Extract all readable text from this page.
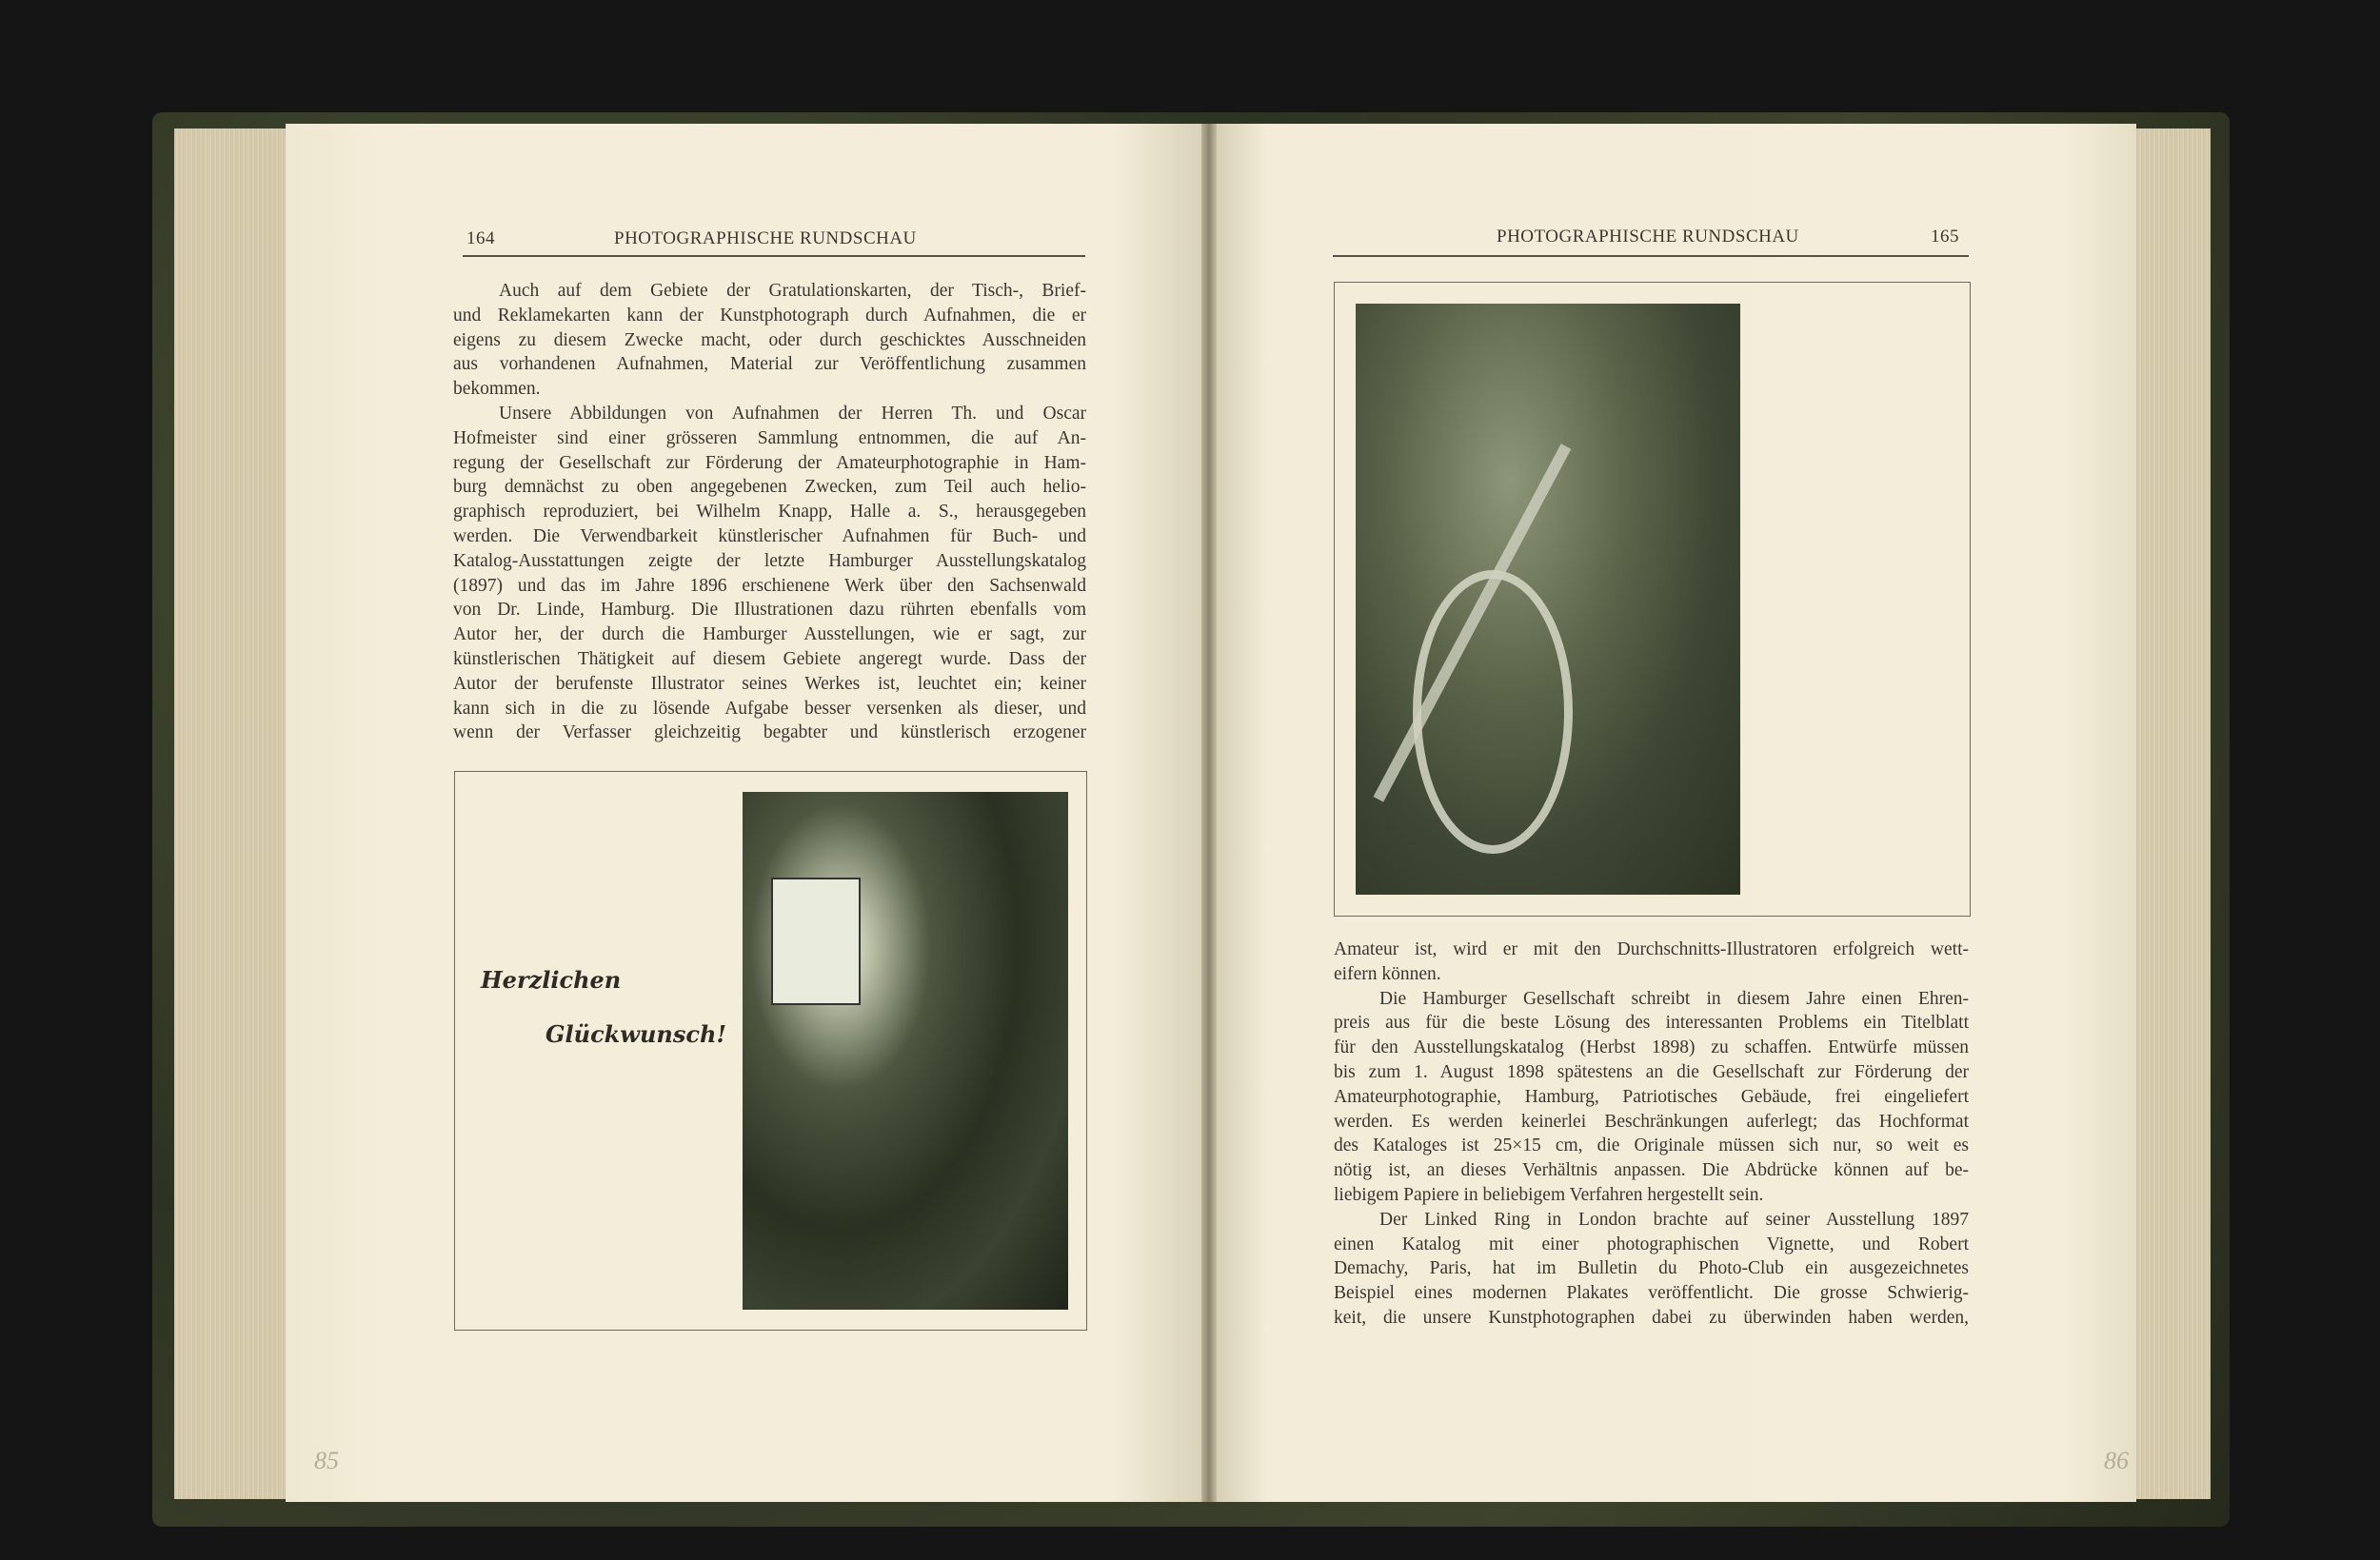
164	PHOTOGRAPHISCHE RUNDSCHAU
Auch auf dem Gebiete der Gratulationskarten, der Tisch-, Brief-
und Reklamekarten kann der Kunstphotograph durch Aufnahmen, die er
eigens zu diesem Zwecke macht, oder durch geschicktes Ausschneiden
aus vorhandenen Aufnahmen, Material zur Veröffentlichung zusammen
bekommen.
Unsere Abbildungen von Aufnahmen der Herren Th. und Oscar
Hofmeister sind einer grösseren Sammlung entnommen, die auf An-
regung der Gesellschaft zur Förderung der Amateurphotographie in Ham-
burg demnächst zu oben angegebenen Zwecken, zum Teil auch helio-
graphisch reproduziert, bei Wilhelm Knapp, Halle a. S., herausgegeben
werden. Die Verwendbarkeit künstlerischer Aufnahmen für Buch- und
Katalog-Ausstattungen zeigte der letzte Hamburger Ausstellungskatalog
(1897) und das im Jahre 1896 erschienene Werk über den Sachsenwald
von Dr. Linde, Hamburg. Die Illustrationen dazu rührten ebenfalls vom
Autor her, der durch die Hamburger Ausstellungen, wie er sagt, zur
künstlerischen Thätigkeit auf diesem Gebiete angeregt wurde. Dass der
Autor der berufenste Illustrator seines Werkes ist, leuchtet ein; keiner
kann sich in die zu lösende Aufgabe besser versenken als dieser, und
wenn der Verfasser gleichzeitig begabter und künstlerisch erzogener
Herzlichen
Glückwunsch!
85
PHOTOGRAPHISCHE RUNDSCHAU	165
Amateur ist, wird er mit den Durchschnitts-Illustratoren erfolgreich wett-
eifern können.
Die Hamburger Gesellschaft schreibt in diesem Jahre einen Ehren-
preis aus für die beste Lösung des interessanten Problems ein Titelblatt
für den Ausstellungskatalog (Herbst 1898) zu schaffen. Entwürfe müssen
bis zum 1. August 1898 spätestens an die Gesellschaft zur Förderung der
Amateurphotographie, Hamburg, Patriotisches Gebäude, frei eingeliefert
werden. Es werden keinerlei Beschränkungen auferlegt; das Hochformat
des Kataloges ist 25×15 cm, die Originale müssen sich nur, so weit es
nötig ist, an dieses Verhältnis anpassen. Die Abdrücke können auf be-
liebigem Papiere in beliebigem Verfahren hergestellt sein.
Der Linked Ring in London brachte auf seiner Ausstellung 1897
einen Katalog mit einer photographischen Vignette, und Robert
Demachy, Paris, hat im Bulletin du Photo-Club ein ausgezeichnetes
Beispiel eines modernen Plakates veröffentlicht. Die grosse Schwierig-
keit, die unsere Kunstphotographen dabei zu überwinden haben werden,
86
